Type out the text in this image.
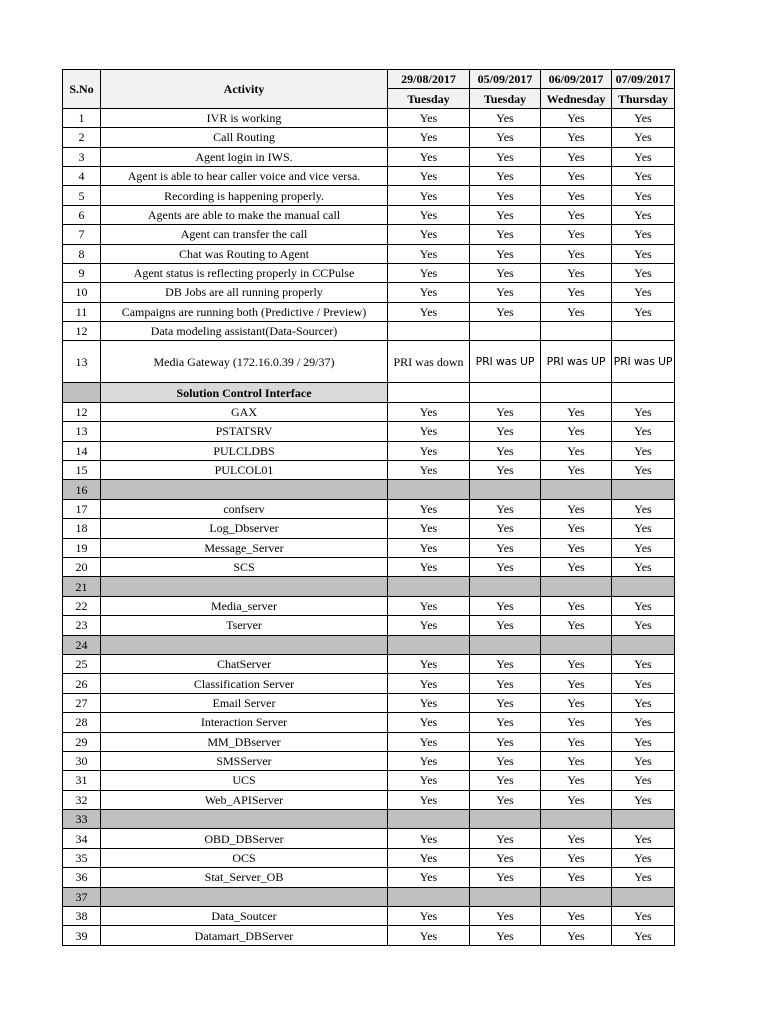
S.No	Activity	29/08/2017	05/09/2017	06/09/2017	07/09/2017
		Tuesday	Tuesday	Wednesday	Thursday
1	IVR is working	Yes	Yes	Yes	Yes
2	Call Routing	Yes	Yes	Yes	Yes
3	Agent login in IWS.	Yes	Yes	Yes	Yes
4	Agent is able to hear caller voice and vice versa.	Yes	Yes	Yes	Yes
5	Recording is happening properly.	Yes	Yes	Yes	Yes
6	Agents are able to make the manual call	Yes	Yes	Yes	Yes
7	Agent can transfer the call	Yes	Yes	Yes	Yes
8	Chat was Routing to Agent	Yes	Yes	Yes	Yes
9	Agent status is reflecting properly in CCPulse	Yes	Yes	Yes	Yes
10	DB Jobs are all running properly	Yes	Yes	Yes	Yes
11	Campaigns are running both (Predictive / Preview)	Yes	Yes	Yes	Yes
12	Data modeling assistant(Data-Sourcer)				
13	Media Gateway (172.16.0.39 / 29/37)	PRI was down	PRI was UP	PRI was UP	PRI was UP
	Solution Control Interface				
12	GAX	Yes	Yes	Yes	Yes
13	PSTATSRV	Yes	Yes	Yes	Yes
14	PULCLDBS	Yes	Yes	Yes	Yes
15	PULCOL01	Yes	Yes	Yes	Yes
16					
17	confserv	Yes	Yes	Yes	Yes
18	Log_Dbserver	Yes	Yes	Yes	Yes
19	Message_Server	Yes	Yes	Yes	Yes
20	SCS	Yes	Yes	Yes	Yes
21					
22	Media_server	Yes	Yes	Yes	Yes
23	Tserver	Yes	Yes	Yes	Yes
24					
25	ChatServer	Yes	Yes	Yes	Yes
26	Classification Server	Yes	Yes	Yes	Yes
27	Email Server	Yes	Yes	Yes	Yes
28	Interaction Server	Yes	Yes	Yes	Yes
29	MM_DBserver	Yes	Yes	Yes	Yes
30	SMSServer	Yes	Yes	Yes	Yes
31	UCS	Yes	Yes	Yes	Yes
32	Web_APIServer	Yes	Yes	Yes	Yes
33					
34	OBD_DBServer	Yes	Yes	Yes	Yes
35	OCS	Yes	Yes	Yes	Yes
36	Stat_Server_OB	Yes	Yes	Yes	Yes
37					
38	Data_Soutcer	Yes	Yes	Yes	Yes
39	Datamart_DBServer	Yes	Yes	Yes	Yes
